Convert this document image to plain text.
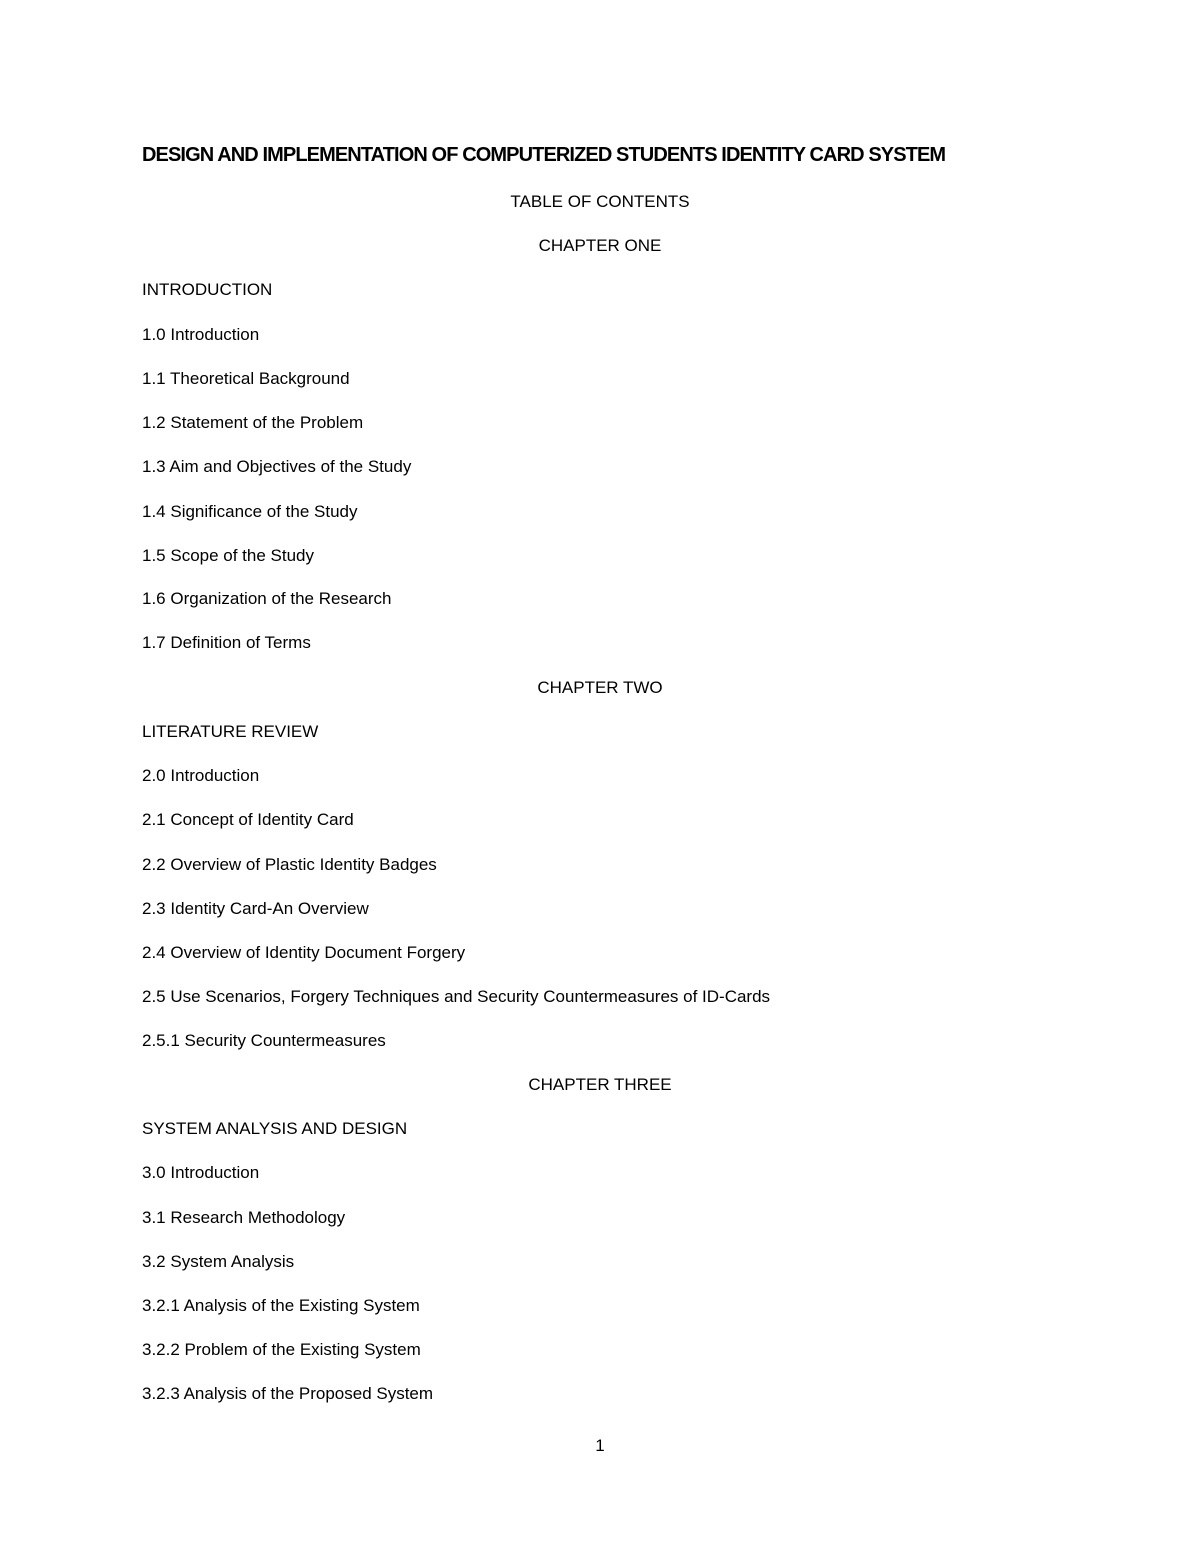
DESIGN AND IMPLEMENTATION OF COMPUTERIZED STUDENTS IDENTITY CARD SYSTEM
TABLE OF CONTENTS
CHAPTER ONE
INTRODUCTION
1.0 Introduction
1.1 Theoretical Background
1.2 Statement of the Problem
1.3 Aim and Objectives of the Study
1.4 Significance of the Study
1.5 Scope of the Study
1.6 Organization of the Research
1.7 Definition of Terms
CHAPTER TWO
LITERATURE REVIEW
2.0 Introduction
2.1 Concept of Identity Card
2.2 Overview of Plastic Identity Badges
2.3 Identity Card-An Overview
2.4 Overview of Identity Document Forgery
2.5 Use Scenarios, Forgery Techniques and Security Countermeasures of ID-Cards
2.5.1 Security Countermeasures
CHAPTER THREE
SYSTEM ANALYSIS AND DESIGN
3.0 Introduction
3.1 Research Methodology
3.2 System Analysis
3.2.1 Analysis of the Existing System
3.2.2 Problem of the Existing System
3.2.3 Analysis of the Proposed System
1
